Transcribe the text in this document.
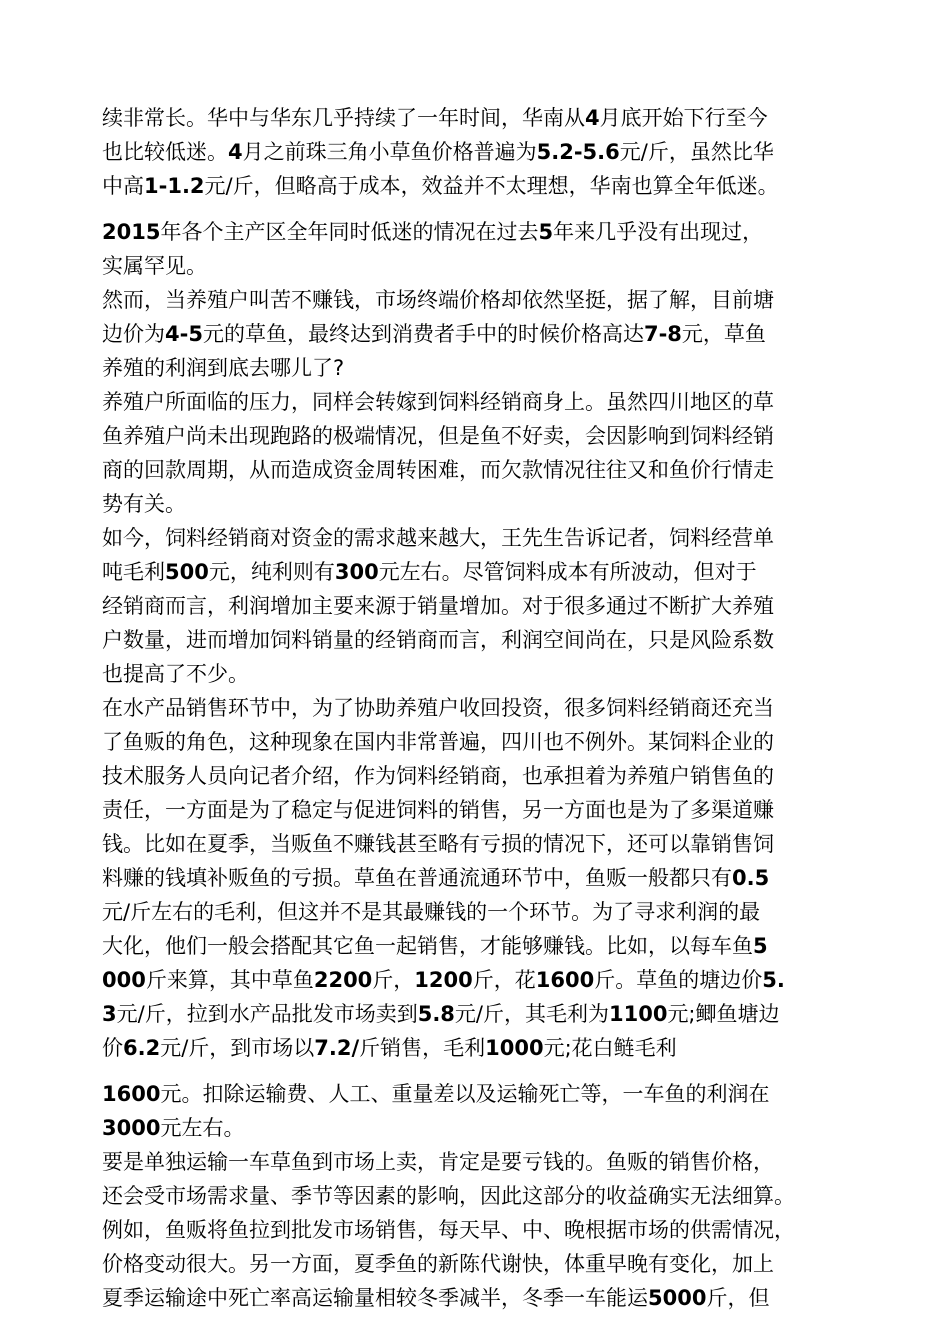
续非常长。华中与华东几乎持续了一年时间，华南从4月底开始下行至今

也比较低迷。4月之前珠三角小草鱼价格普遍为5.2-5.6元/斤，虽然比华

中高1-1.2元/斤，但略高于成本，效益并不太理想，华南也算全年低迷。

2015年各个主产区全年同时低迷的情况在过去5年来几乎没有出现过，

实属罕见。

然而，当养殖户叫苦不赚钱，市场终端价格却依然坚挺，据了解，目前塘

边价为4-5元的草鱼，最终达到消费者手中的时候价格高达7-8元，草鱼

养殖的利润到底去哪儿了?

养殖户所面临的压力，同样会转嫁到饲料经销商身上。虽然四川地区的草

鱼养殖户尚未出现跑路的极端情况，但是鱼不好卖，会因影响到饲料经销

商的回款周期，从而造成资金周转困难，而欠款情况往往又和鱼价行情走

势有关。

如今，饲料经销商对资金的需求越来越大，王先生告诉记者，饲料经营单

吨毛利500元，纯利则有300元左右。尽管饲料成本有所波动，但对于

经销商而言，利润增加主要来源于销量增加。对于很多通过不断扩大养殖

户数量，进而增加饲料销量的经销商而言，利润空间尚在，只是风险系数

也提高了不少。

在水产品销售环节中，为了协助养殖户收回投资，很多饲料经销商还充当

了鱼贩的角色，这种现象在国内非常普遍，四川也不例外。某饲料企业的

技术服务人员向记者介绍，作为饲料经销商，也承担着为养殖户销售鱼的

责任，一方面是为了稳定与促进饲料的销售，另一方面也是为了多渠道赚

钱。比如在夏季，当贩鱼不赚钱甚至略有亏损的情况下，还可以靠销售饲

料赚的钱填补贩鱼的亏损。草鱼在普通流通环节中，鱼贩一般都只有0.5

元/斤左右的毛利，但这并不是其最赚钱的一个环节。为了寻求利润的最

大化，他们一般会搭配其它鱼一起销售，才能够赚钱。比如，以每车鱼5

000斤来算，其中草鱼2200斤，1200斤，花1600斤。草鱼的塘边价5.

3元/斤，拉到水产品批发市场卖到5.8元/斤，其毛利为1100元;鲫鱼塘边

价6.2元/斤，到市场以7.2/斤销售，毛利1000元;花白鲢毛利

1600元。扣除运输费、人工、重量差以及运输死亡等，一车鱼的利润在

3000元左右。

要是单独运输一车草鱼到市场上卖，肯定是要亏钱的。鱼贩的销售价格，

还会受市场需求量、季节等因素的影响，因此这部分的收益确实无法细算。

例如，鱼贩将鱼拉到批发市场销售，每天早、中、晚根据市场的供需情况，

价格变动很大。另一方面，夏季鱼的新陈代谢快，体重早晚有变化，加上

夏季运输途中死亡率高运输量相较冬季减半，冬季一车能运5000斤，但
